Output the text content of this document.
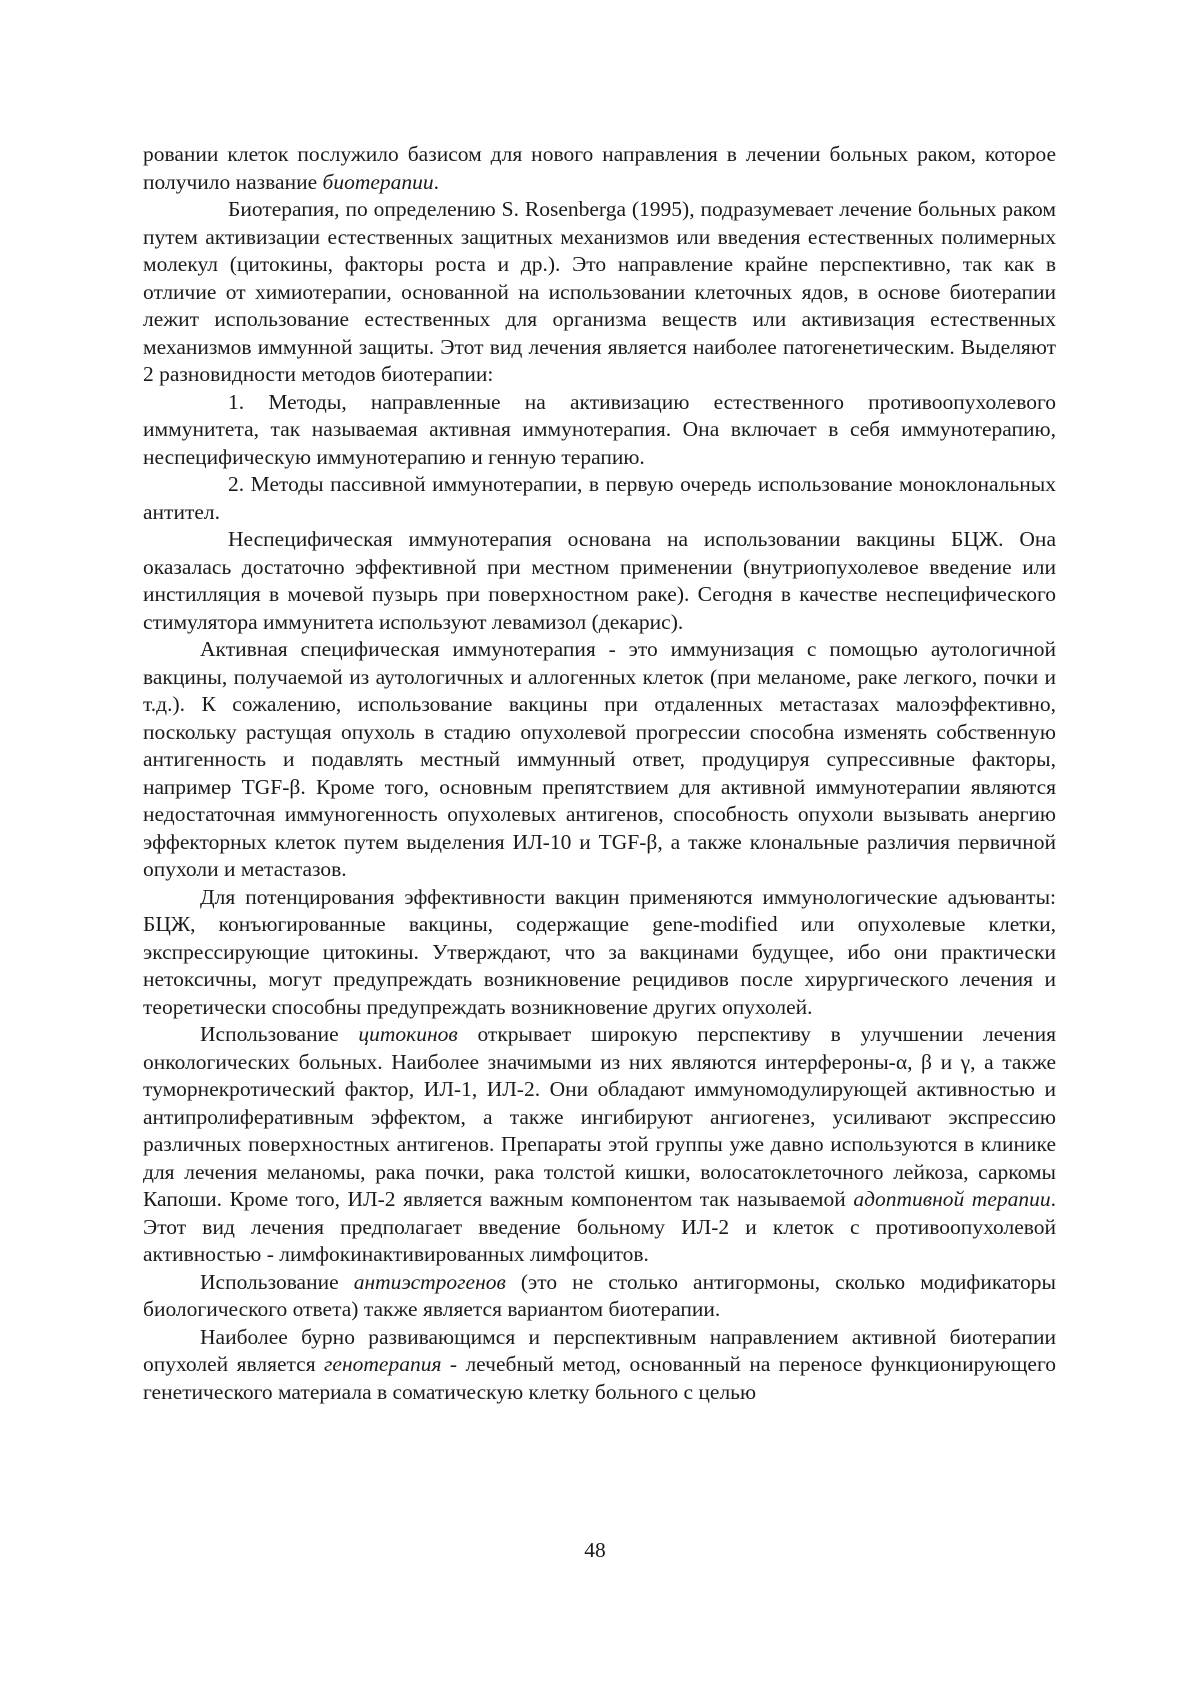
ровании клеток послужило базисом для нового направления в лечении больных раком, которое получило название биотерапии.

Биотерапия, по определению S. Rosenberga (1995), подразумевает лечение больных раком путем активизации естественных защитных механизмов или введения естественных полимерных молекул (цитокины, факторы роста и др.). Это направление крайне перспективно, так как в отличие от химиотерапии, основанной на использовании клеточных ядов, в основе биотерапии лежит использование естественных для организма веществ или активизация естественных механизмов иммунной защиты. Этот вид лечения является наиболее патогенетическим. Выделяют 2 разновидности методов биотерапии:

1. Методы, направленные на активизацию естественного противоопухолевого иммунитета, так называемая активная иммунотерапия. Она включает в себя иммунотерапию, неспецифическую иммунотерапию и генную терапию.

2. Методы пассивной иммунотерапии, в первую очередь использование моноклональных антител.

Неспецифическая иммунотерапия основана на использовании вакцины БЦЖ. Она оказалась достаточно эффективной при местном применении (внутриопухолевое введение или инстилляция в мочевой пузырь при поверхностном раке). Сегодня в качестве неспецифического стимулятора иммунитета используют левамизол (декарис).

Активная специфическая иммунотерапия - это иммунизация с помощью аутологичной вакцины, получаемой из аутологичных и аллогенных клеток (при меланоме, раке легкого, почки и т.д.). К сожалению, использование вакцины при отдаленных метастазах малоэффективно, поскольку растущая опухоль в стадию опухолевой прогрессии способна изменять собственную антигенность и подавлять местный иммунный ответ, продуцируя супрессивные факторы, например TGF-β. Кроме того, основным препятствием для активной иммунотерапии являются недостаточная иммуногенность опухолевых антигенов, способность опухоли вызывать анергию эффекторных клеток путем выделения ИЛ-10 и TGF-β, а также клональные различия первичной опухоли и метастазов.

Для потенцирования эффективности вакцин применяются иммунологические адъюванты: БЦЖ, конъюгированные вакцины, содержащие gene-modified или опухолевые клетки, экспрессирующие цитокины. Утверждают, что за вакцинами будущее, ибо они практически нетоксичны, могут предупреждать возникновение рецидивов после хирургического лечения и теоретически способны предупреждать возникновение других опухолей.

Использование цитокинов открывает широкую перспективу в улучшении лечения онкологических больных. Наиболее значимыми из них являются интерфероны-α, β и γ, а также туморнекротический фактор, ИЛ-1, ИЛ-2. Они обладают иммуномодулирующей активностью и антипролиферативным эффектом, а также ингибируют ангиогенез, усиливают экспрессию различных поверхностных антигенов. Препараты этой группы уже давно используются в клинике для лечения меланомы, рака почки, рака толстой кишки, волосатоклеточного лейкоза, саркомы Капоши. Кроме того, ИЛ-2 является важным компонентом так называемой адоптивной терапии. Этот вид лечения предполагает введение больному ИЛ-2 и клеток с противоопухолевой активностью - лимфокинактивированных лимфоцитов.

Использование антиэстрогенов (это не столько антигормоны, сколько модификаторы биологического ответа) также является вариантом биотерапии.

Наиболее бурно развивающимся и перспективным направлением активной биотерапии опухолей является генотерапия - лечебный метод, основанный на переносе функционирующего генетического материала в соматическую клетку больного с целью

48
